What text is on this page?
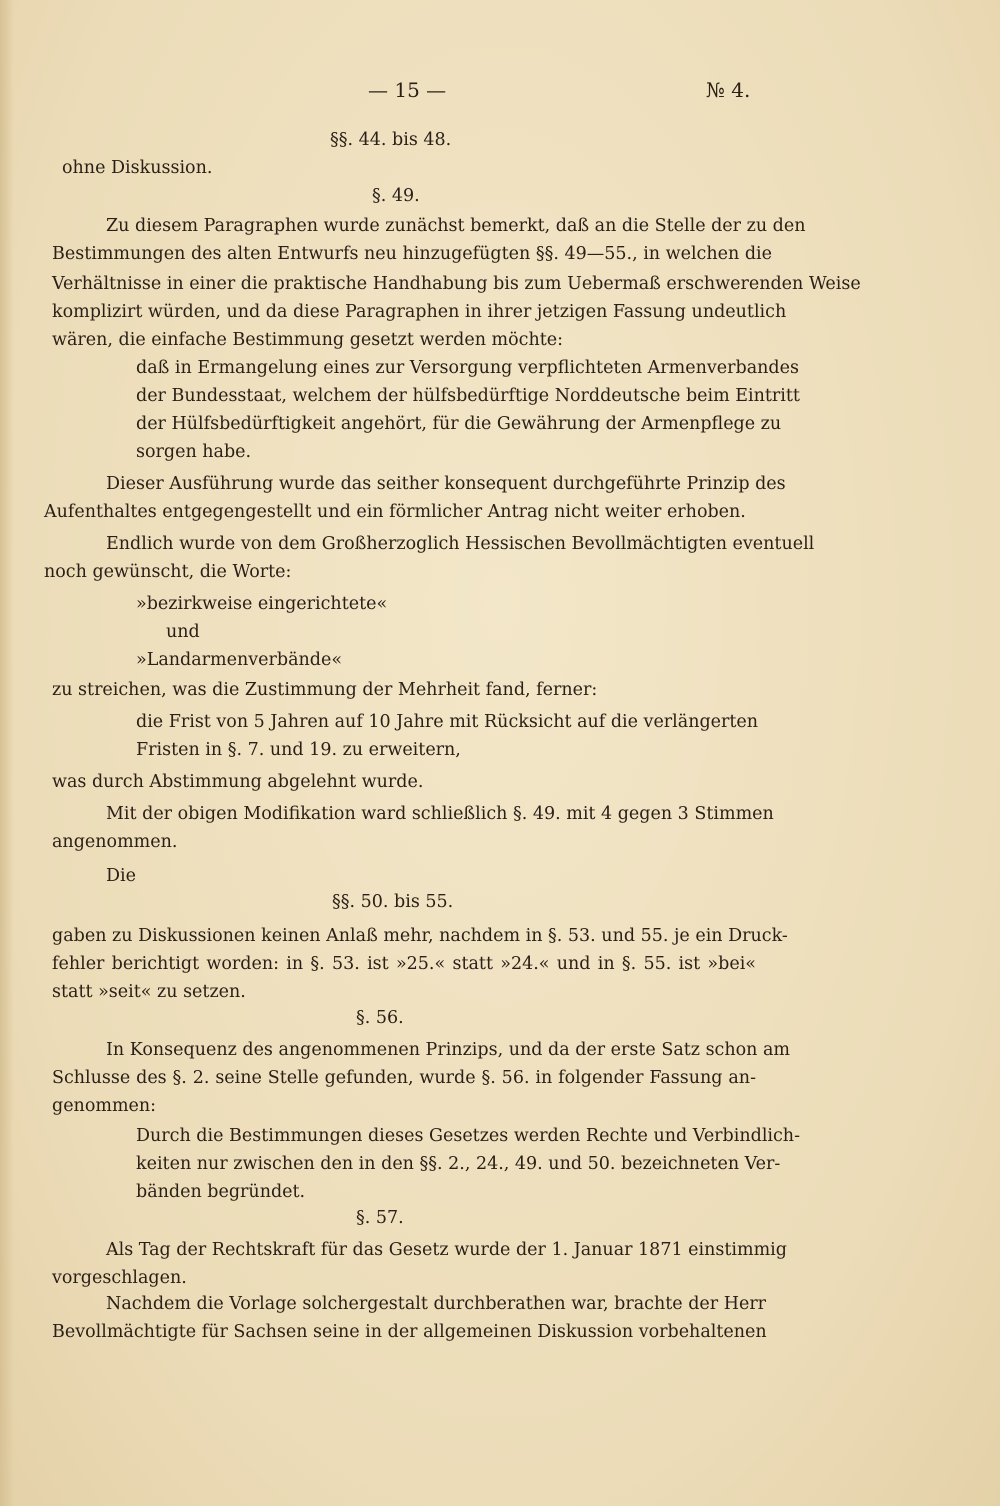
— 15 —	№ 4.
§§. 44. bis 48.
ohne Diskussion.
§. 49.
Zu diesem Paragraphen wurde zunächst bemerkt, daß an die Stelle der zu den
Bestimmungen des alten Entwurfs neu hinzugefügten §§. 49—55., in welchen die
Verhältnisse in einer die praktische Handhabung bis zum Uebermaß erschwerenden Weise
komplizirt würden, und da diese Paragraphen in ihrer jetzigen Fassung undeutlich
wären, die einfache Bestimmung gesetzt werden möchte:
daß in Ermangelung eines zur Versorgung verpflichteten Armenverbandes
der Bundesstaat, welchem der hülfsbedürftige Norddeutsche beim Eintritt
der Hülfsbedürftigkeit angehört, für die Gewährung der Armenpflege zu
sorgen habe.
Dieser Ausführung wurde das seither konsequent durchgeführte Prinzip des
Aufenthaltes entgegengestellt und ein förmlicher Antrag nicht weiter erhoben.
Endlich wurde von dem Großherzoglich Hessischen Bevollmächtigten eventuell
noch gewünscht, die Worte:
»bezirkweise eingerichtete«
und
»Landarmenverbände«
zu streichen, was die Zustimmung der Mehrheit fand, ferner:
die Frist von 5 Jahren auf 10 Jahre mit Rücksicht auf die verlängerten
Fristen in §. 7. und 19. zu erweitern,
was durch Abstimmung abgelehnt wurde.
Mit der obigen Modifikation ward schließlich §. 49. mit 4 gegen 3 Stimmen
angenommen.
Die
§§. 50. bis 55.
gaben zu Diskussionen keinen Anlaß mehr, nachdem in §. 53. und 55. je ein Druck-
fehler berichtigt worden: in §. 53. ist »25.« statt »24.« und in §. 55. ist »bei«
statt »seit« zu setzen.
§. 56.
In Konsequenz des angenommenen Prinzips, und da der erste Satz schon am
Schlusse des §. 2. seine Stelle gefunden, wurde §. 56. in folgender Fassung an-
genommen:
Durch die Bestimmungen dieses Gesetzes werden Rechte und Verbindlich-
keiten nur zwischen den in den §§. 2., 24., 49. und 50. bezeichneten Ver-
bänden begründet.
§. 57.
Als Tag der Rechtskraft für das Gesetz wurde der 1. Januar 1871 einstimmig
vorgeschlagen.
Nachdem die Vorlage solchergestalt durchberathen war, brachte der Herr
Bevollmächtigte für Sachsen seine in der allgemeinen Diskussion vorbehaltenen
